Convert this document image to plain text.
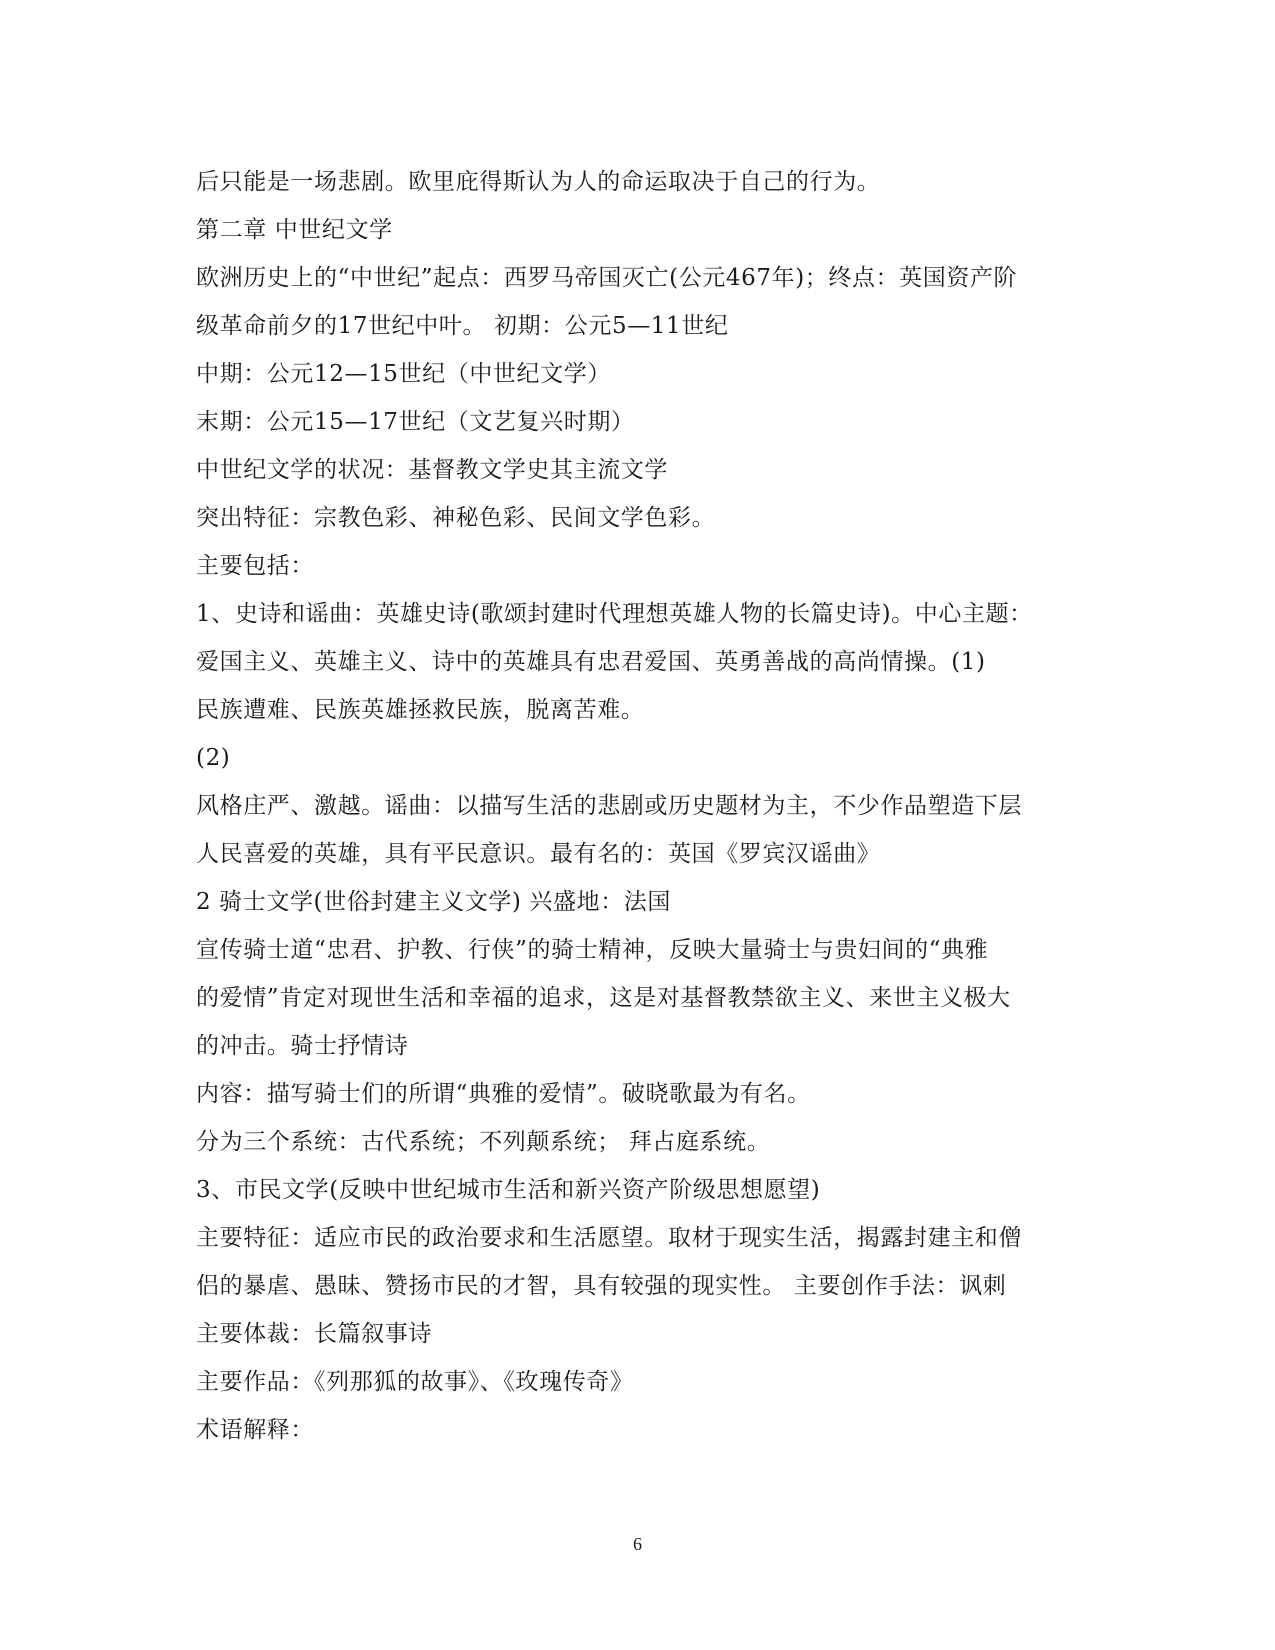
后只能是一场悲剧。欧里庇得斯认为人的命运取决于自己的行为。
第二章 中世纪文学
欧洲历史上的“中世纪”起点：西罗马帝国灭亡(公元467年)；终点：英国资产阶
级革命前夕的17世纪中叶。 初期：公元5—11世纪
中期：公元12—15世纪（中世纪文学）
末期：公元15—17世纪（文艺复兴时期）
中世纪文学的状况：基督教文学史其主流文学
突出特征：宗教色彩、神秘色彩、民间文学色彩。
主要包括：
1、史诗和谣曲：英雄史诗(歌颂封建时代理想英雄人物的长篇史诗)。中心主题：
爱国主义、英雄主义、诗中的英雄具有忠君爱国、英勇善战的高尚情操。(1)
民族遭难、民族英雄拯救民族，脱离苦难。
(2)
风格庄严、激越。谣曲：以描写生活的悲剧或历史题材为主，不少作品塑造下层
人民喜爱的英雄，具有平民意识。最有名的：英国《罗宾汉谣曲》
2 骑士文学(世俗封建主义文学) 兴盛地：法国
宣传骑士道“忠君、护教、行侠”的骑士精神，反映大量骑士与贵妇间的“典雅
的爱情”肯定对现世生活和幸福的追求，这是对基督教禁欲主义、来世主义极大
的冲击。骑士抒情诗
内容：描写骑士们的所谓“典雅的爱情”。破晓歌最为有名。
分为三个系统：古代系统；不列颠系统； 拜占庭系统。
3、市民文学(反映中世纪城市生活和新兴资产阶级思想愿望)
主要特征：适应市民的政治要求和生活愿望。取材于现实生活，揭露封建主和僧
侣的暴虐、愚昧、赞扬市民的才智，具有较强的现实性。 主要创作手法：讽刺
主要体裁：长篇叙事诗
主要作品：《列那狐的故事》、《玫瑰传奇》
术语解释：
6
